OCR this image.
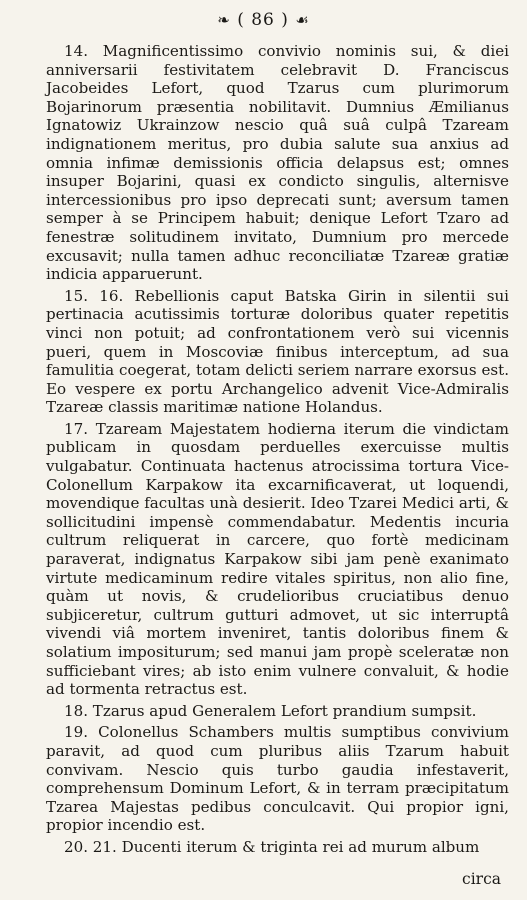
❧ ( 86 ) ☙

14. Magnificentissimo convivio nominis sui, & diei anniversarii festivitatem celebravit D. Franciscus Jacobeides Lefort, quod Tzarus cum plurimorum Bojarinorum præsentia nobilitavit. Dumnius Æmilianus Ignatowiz Ukrainzow nescio quâ suâ culpâ Tzaream indignationem meritus, pro dubia salute sua anxius ad omnia infimæ demissionis officia delapsus est; omnes insuper Bojarini, quasi ex condicto singulis, alternisve intercessionibus pro ipso deprecati sunt; aversum tamen semper à se Principem habuit; denique Lefort Tzaro ad fenestræ solitudinem invitato, Dumnium pro mercede excusavit; nulla tamen adhuc reconciliatæ Tzareæ gratiæ indicia apparuerunt.

15. 16. Rebellionis caput Batska Girin in silentii sui pertinacia acutissimis torturæ doloribus quater repetitis vinci non potuit; ad confrontationem verò sui vicennis pueri, quem in Moscoviæ finibus interceptum, ad sua famulitia coegerat, totam delicti seriem narrare exorsus est. Eo vespere ex portu Archangelico advenit Vice-Admiralis Tzareæ classis maritimæ natione Holandus.

17. Tzaream Majestatem hodierna iterum die vindictam publicam in quosdam perduelles exercuisse multis vulgabatur. Continuata hactenus atrocissima tortura Vice-Colonellum Karpakow ita excarnificaverat, ut loquendi, movendique facultas unà desierit. Ideo Tzarei Medici arti, & sollicitudini impensè commendabatur. Medentis incuria cultrum reliquerat in carcere, quo fortè medicinam paraverat, indignatus Karpakow sibi jam penè exanimato virtute medicaminum redire vitales spiritus, non alio fine, quàm ut novis, & crudelioribus cruciatibus denuo subjiceretur, cultrum gutturi admovet, ut sic interruptâ vivendi viâ mortem inveniret, tantis doloribus finem & solatium impositurum; sed manui jam propè sceleratæ non sufficiebant vires; ab isto enim vulnere convaluit, & hodie ad tormenta retractus est.

18. Tzarus apud Generalem Lefort prandium sumpsit.

19. Colonellus Schambers multis sumptibus convivium paravit, ad quod cum pluribus aliis Tzarum habuit convivam. Nescio quis turbo gaudia infestaverit, comprehensum Dominum Lefort, & in terram præcipitatum Tzarea Majestas pedibus conculcavit. Qui propior igni, propior incendio est.

20. 21. Ducenti iterum & triginta rei ad murum album

circa
